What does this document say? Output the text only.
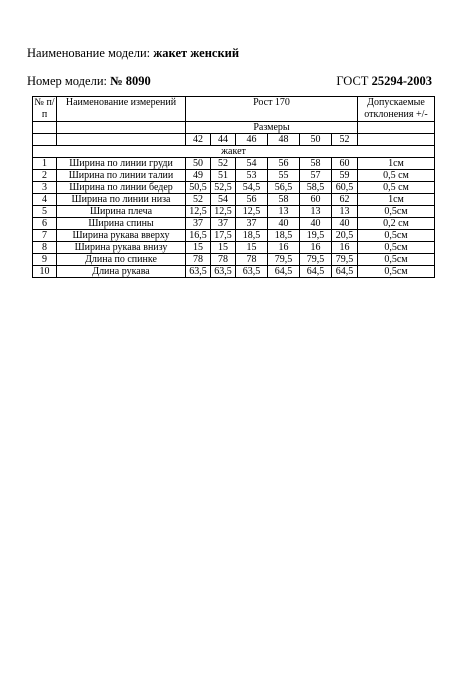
Наименование модели: жакет женский
Номер модели: № 8090	ГОСТ 25294-2003
№ п/п	Наименование измерений	Рост 170						Допускаемые отклонения +/-
		Размеры						
		42	44	46	48	50	52	
жакет								
1	Ширина по линии груди	50	52	54	56	58	60	1см
2	Ширина по линии талии	49	51	53	55	57	59	0,5 см
3	Ширина по линии бедер	50,5	52,5	54,5	56,5	58,5	60,5	0,5 см
4	Ширина по линии низа	52	54	56	58	60	62	1см
5	Ширина плеча	12,5	12,5	12,5	13	13	13	0,5см
6	Ширина спины	37	37	37	40	40	40	0,2 см
7	Ширина рукава вверху	16,5	17,5	18,5	18,5	19,5	20,5	0,5см
8	Ширина рукава внизу	15	15	15	16	16	16	0,5см
9	Длина по спинке	78	78	78	79,5	79,5	79,5	0,5см
10	Длина рукава	63,5	63,5	63,5	64,5	64,5	64,5	0,5см
